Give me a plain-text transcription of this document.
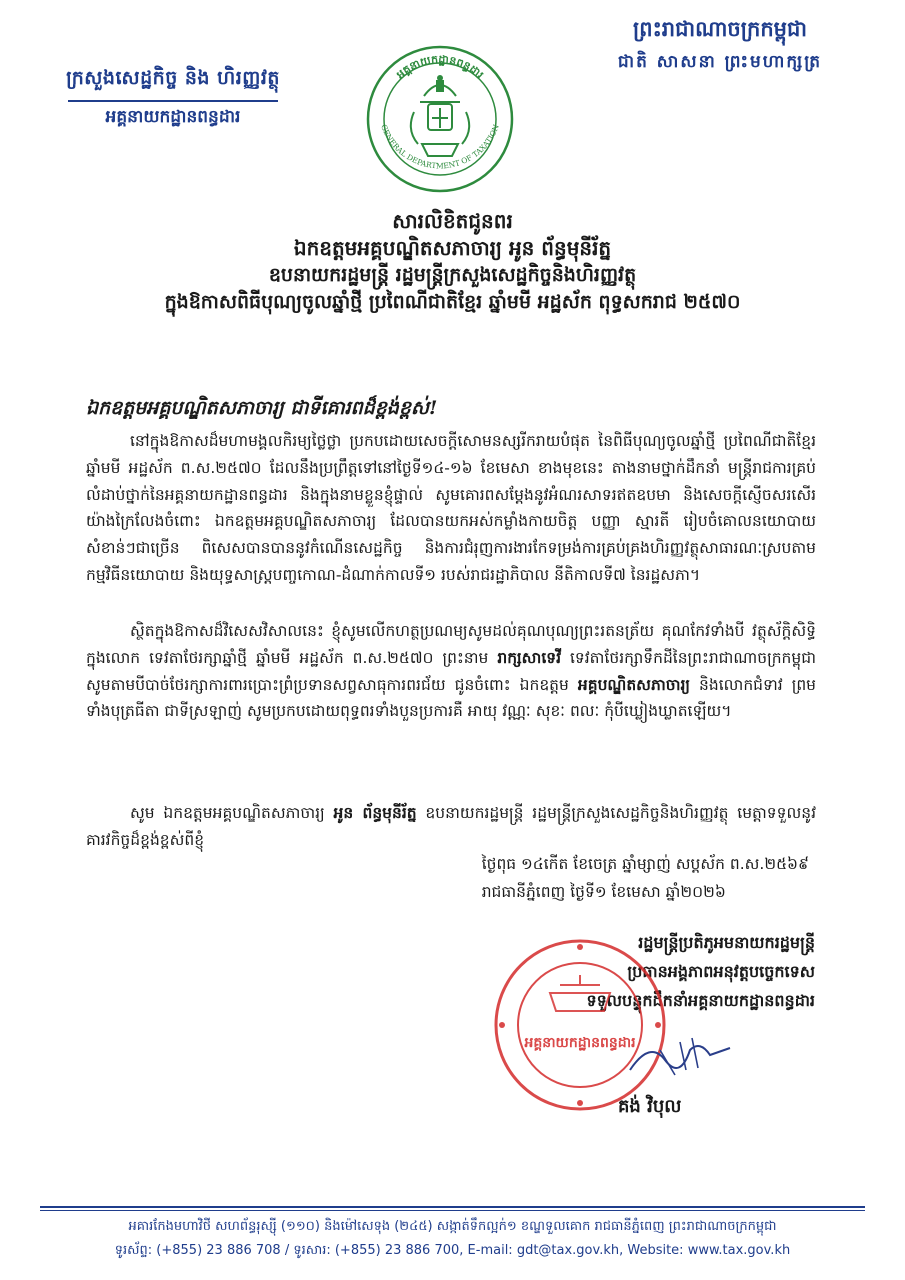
ក្រសួងសេដ្ឋកិច្ច និង ហិរញ្ញវត្ថុ
អគ្គនាយកដ្ឋានពន្ធដារ
ព្រះរាជាណាចក្រកម្ពុជា
ជាតិ សាសនា ព្រះមហាក្សត្រ
អគ្គនាយកដ្ឋានពន្ធដារ
GENERAL DEPARTMENT OF TAXATION
សារលិខិតជូនពរ
ឯកឧត្តមអគ្គបណ្ឌិតសភាចារ្យ អូន ព័ន្ធមុនីរ័ត្ន
ឧបនាយករដ្ឋមន្ត្រី រដ្ឋមន្ត្រីក្រសួងសេដ្ឋកិច្ចនិងហិរញ្ញវត្ថុ
ក្នុងឱកាសពិធីបុណ្យចូលឆ្នាំថ្មី ប្រពៃណីជាតិខ្មែរ ឆ្នាំមមី អដ្ឋស័ក ពុទ្ធសករាជ ២៥៧០
ឯកឧត្តមអគ្គបណ្ឌិតសភាចារ្យ ជាទីគោរពដ៏ខ្ពង់ខ្ពស់!
នៅក្នុងឱកាសដ៏មហាមង្គលកិរម្យថ្លៃថ្លា ប្រកបដោយសេចក្តីសោមនស្សរីករាយបំផុត នៃពិធីបុណ្យចូលឆ្នាំថ្មី ប្រពៃណីជាតិខ្មែរ ឆ្នាំមមី អដ្ឋស័ក ព.ស.២៥៧០ ដែលនឹងប្រព្រឹត្តទៅនៅថ្ងៃទី១៤-១៦ ខែមេសា ខាងមុខនេះ តាងនាមថ្នាក់ដឹកនាំ មន្ត្រីរាជការគ្រប់លំដាប់ថ្នាក់នៃអគ្គនាយកដ្ឋានពន្ធដារ និងក្នុងនាមខ្លួនខ្ញុំផ្ទាល់ សូមគោរពសម្តែងនូវអំណរសាទរឥតឧបមា និងសេចក្តីស្ញើចសរសើរយ៉ាងក្រៃលែងចំពោះ ឯកឧត្តមអគ្គបណ្ឌិតសភាចារ្យ ដែលបានយកអស់កម្លាំងកាយចិត្ត បញ្ញា ស្មារតី រៀបចំគោលនយោបាយសំខាន់ៗជាច្រើន ពិសេសបានបាននូវកំណើនសេដ្ឋកិច្ច និងការជំរុញការងារកែទម្រង់ការគ្រប់គ្រងហិរញ្ញវត្ថុសាធារណៈស្របតាមកម្មវិធីនយោបាយ និងយុទ្ធសាស្រ្តបញ្ចកោណ-ដំណាក់កាលទី១ របស់រាជរដ្ឋាភិបាល នីតិកាលទី៧ នៃរដ្ឋសភា។
ស្ថិតក្នុងឱកាសដ៏វិសេសវិសាលនេះ ខ្ញុំសូមលើកហត្ថប្រណម្យសូមដល់គុណបុណ្យព្រះរតនត្រ័យ គុណកែវទាំងបី វត្ថុស័ក្តិសិទ្ធិក្នុងលោក ទេវតាថែរក្សាឆ្នាំថ្មី ឆ្នាំមមី អដ្ឋស័ក ព.ស.២៥៧០ ព្រះនាម រាក្សសាទេវី ទេវតាថែរក្សាទឹកដីនៃព្រះរាជាណាចក្រកម្ពុជា សូមតាមបីបាច់ថែរក្សាការពារប្រោះព្រំប្រទានសព្វសាធុការពរជ័យ ជូនចំពោះ ឯកឧត្តម អគ្គបណ្ឌិតសភាចារ្យ និងលោកជំទាវ ព្រមទាំងបុត្រធីតា ជាទីស្រឡាញ់ សូមប្រកបដោយពុទ្ធពរទាំងបួនប្រការគឺ អាយុ វណ្ណៈ សុខៈ ពលៈ កុំបីឃ្លៀងឃ្លាតឡើយ។
សូម ឯកឧត្តមអគ្គបណ្ឌិតសភាចារ្យ អូន ព័ន្ធមុនីរ័ត្ន ឧបនាយករដ្ឋមន្ត្រី រដ្ឋមន្ត្រីក្រសួងសេដ្ឋកិច្ចនិងហិរញ្ញវត្ថុ មេត្តាទទួលនូវគារវកិច្ចដ៏ខ្ពង់ខ្ពស់ពីខ្ញុំ
ថ្ងៃពុធ ១៤កើត ខែចេត្រ ឆ្នាំម្សាញ់ សប្តស័ក ព.ស.២៥៦៩
រាជធានីភ្នំពេញ ថ្ងៃទី១ ខែមេសា ឆ្នាំ២០២៦
រដ្ឋមន្ត្រីប្រតិភូអមនាយករដ្ឋមន្ត្រី
ប្រធានអង្គភាពអនុវត្តបច្ចេកទេស
ទទួលបន្ទុកដឹកនាំអគ្គនាយកដ្ឋានពន្ធដារ
អគ្គនាយកដ្ឋានពន្ធដារ
គង់ វិបុល
អគារកែងមហាវិថី សហព័ន្ធរុស្ស៊ី (១១០) និងម៉ៅសេទុង (២៤៥) សង្កាត់ទឹកល្អក់១ ខណ្ឌទួលគោក រាជធានីភ្នំពេញ ព្រះរាជាណាចក្រកម្ពុជា
ទូរស័ព្ទ: (+855) 23 886 708 / ទូរសារ: (+855) 23 886 700, E-mail: gdt@tax.gov.kh, Website: www.tax.gov.kh
